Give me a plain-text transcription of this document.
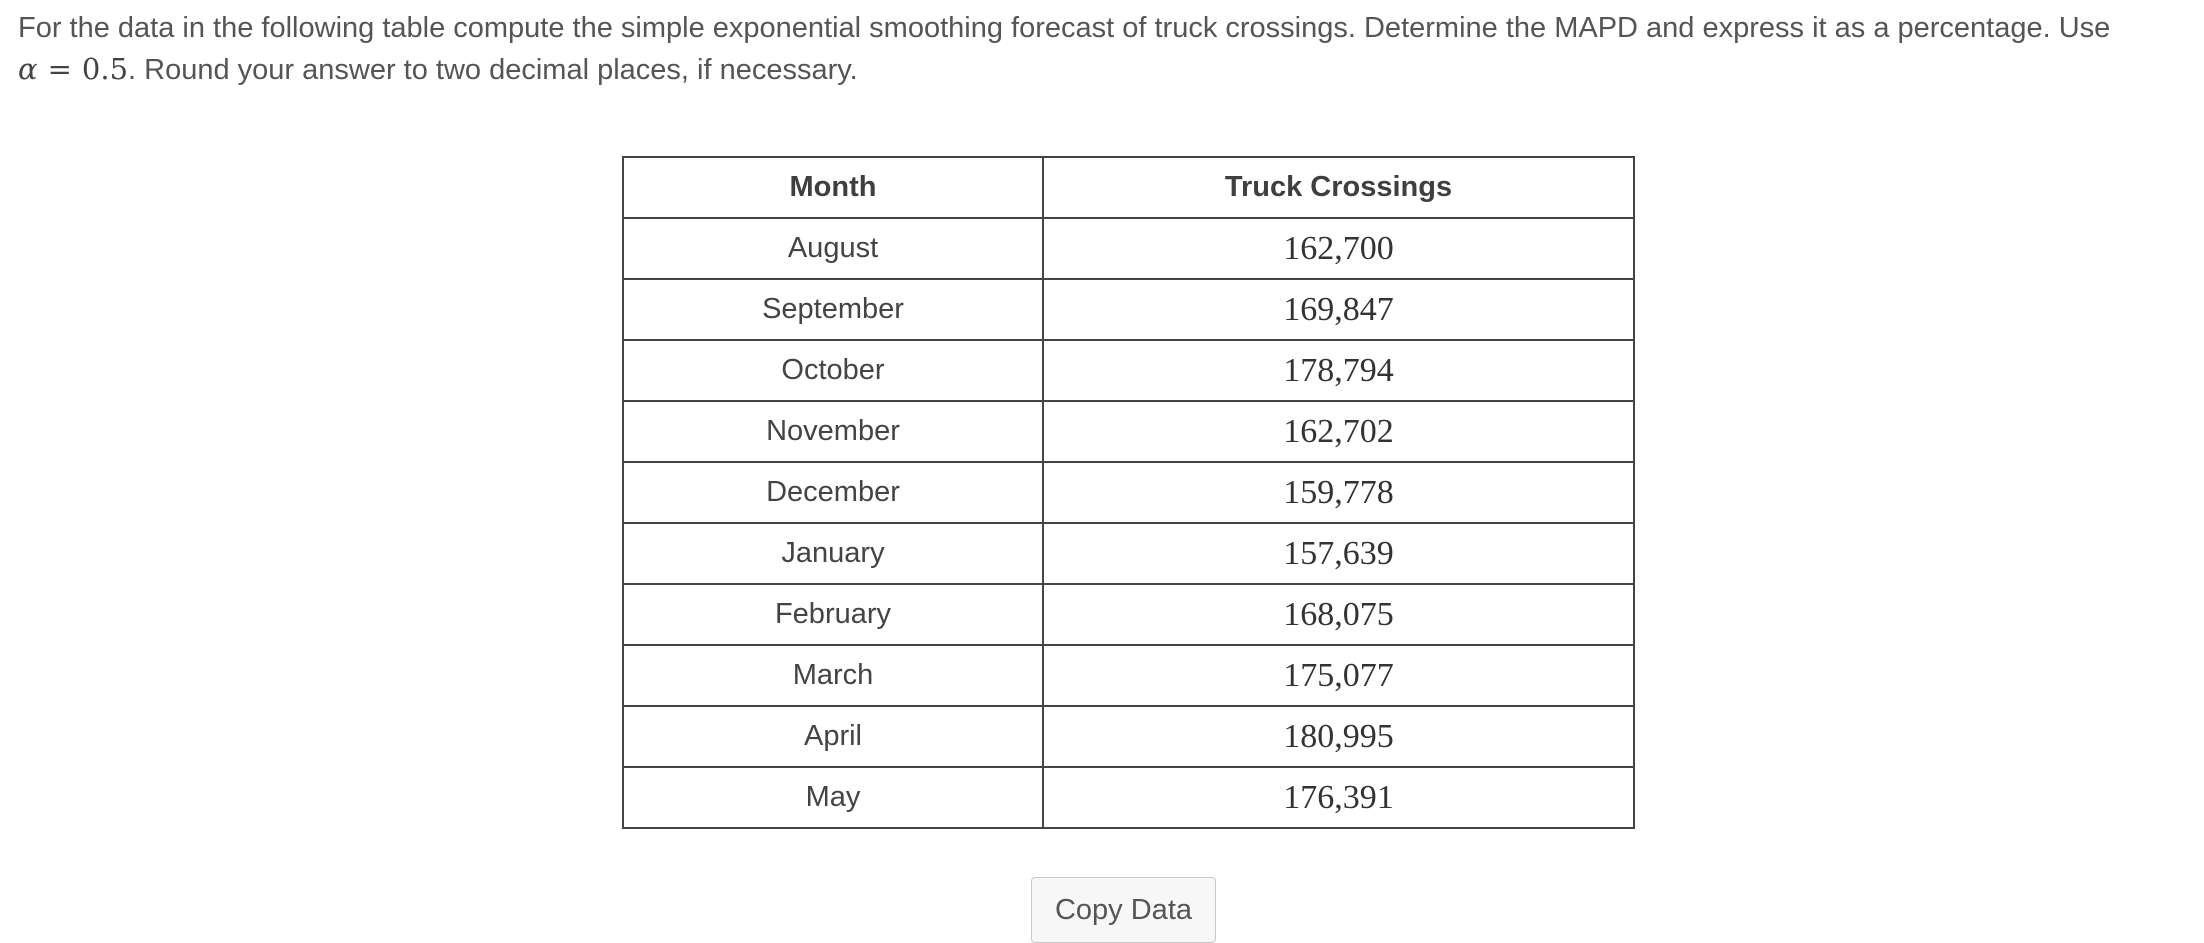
For the data in the following table compute the simple exponential smoothing forecast of truck crossings. Determine the MAPD and express it as a percentage. Use α = 0.5. Round your answer to two decimal places, if necessary.
Month	Truck Crossings
August	162,700
September	169,847
October	178,794
November	162,702
December	159,778
January	157,639
February	168,075
March	175,077
April	180,995
May	176,391
Copy Data
